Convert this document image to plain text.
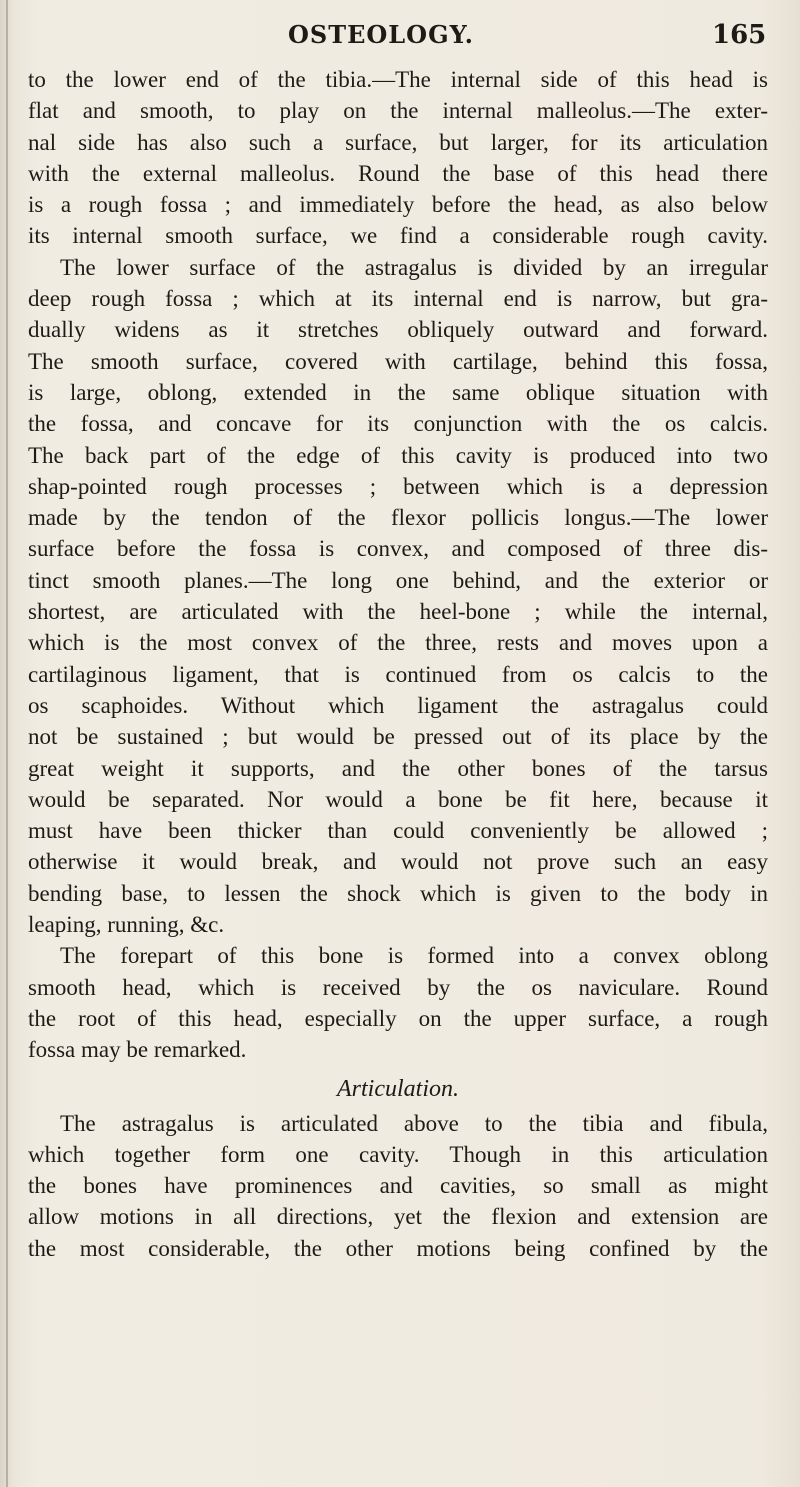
OSTEOLOGY.	165
to the lower end of the tibia.—The internal side of this head is
flat and smooth, to play on the internal malleolus.—The exter-
nal side has also such a surface, but larger, for its articulation
with the external malleolus. Round the base of this head there
is a rough fossa ; and immediately before the head, as also below
its internal smooth surface, we find a considerable rough cavity.
The lower surface of the astragalus is divided by an irregular
deep rough fossa ; which at its internal end is narrow, but gra-
dually widens as it stretches obliquely outward and forward.
The smooth surface, covered with cartilage, behind this fossa,
is large, oblong, extended in the same oblique situation with
the fossa, and concave for its conjunction with the os calcis.
The back part of the edge of this cavity is produced into two
shap-pointed rough processes ; between which is a depression
made by the tendon of the flexor pollicis longus.—The lower
surface before the fossa is convex, and composed of three dis-
tinct smooth planes.—The long one behind, and the exterior or
shortest, are articulated with the heel-bone ; while the internal,
which is the most convex of the three, rests and moves upon a
cartilaginous ligament, that is continued from os calcis to the
os scaphoides. Without which ligament the astragalus could
not be sustained ; but would be pressed out of its place by the
great weight it supports, and the other bones of the tarsus
would be separated. Nor would a bone be fit here, because it
must have been thicker than could conveniently be allowed ;
otherwise it would break, and would not prove such an easy
bending base, to lessen the shock which is given to the body in
leaping, running, &c.
The forepart of this bone is formed into a convex oblong
smooth head, which is received by the os naviculare. Round
the root of this head, especially on the upper surface, a rough
fossa may be remarked.
Articulation.
The astragalus is articulated above to the tibia and fibula,
which together form one cavity. Though in this articulation
the bones have prominences and cavities, so small as might
allow motions in all directions, yet the flexion and extension are
the most considerable, the other motions being confined by the
